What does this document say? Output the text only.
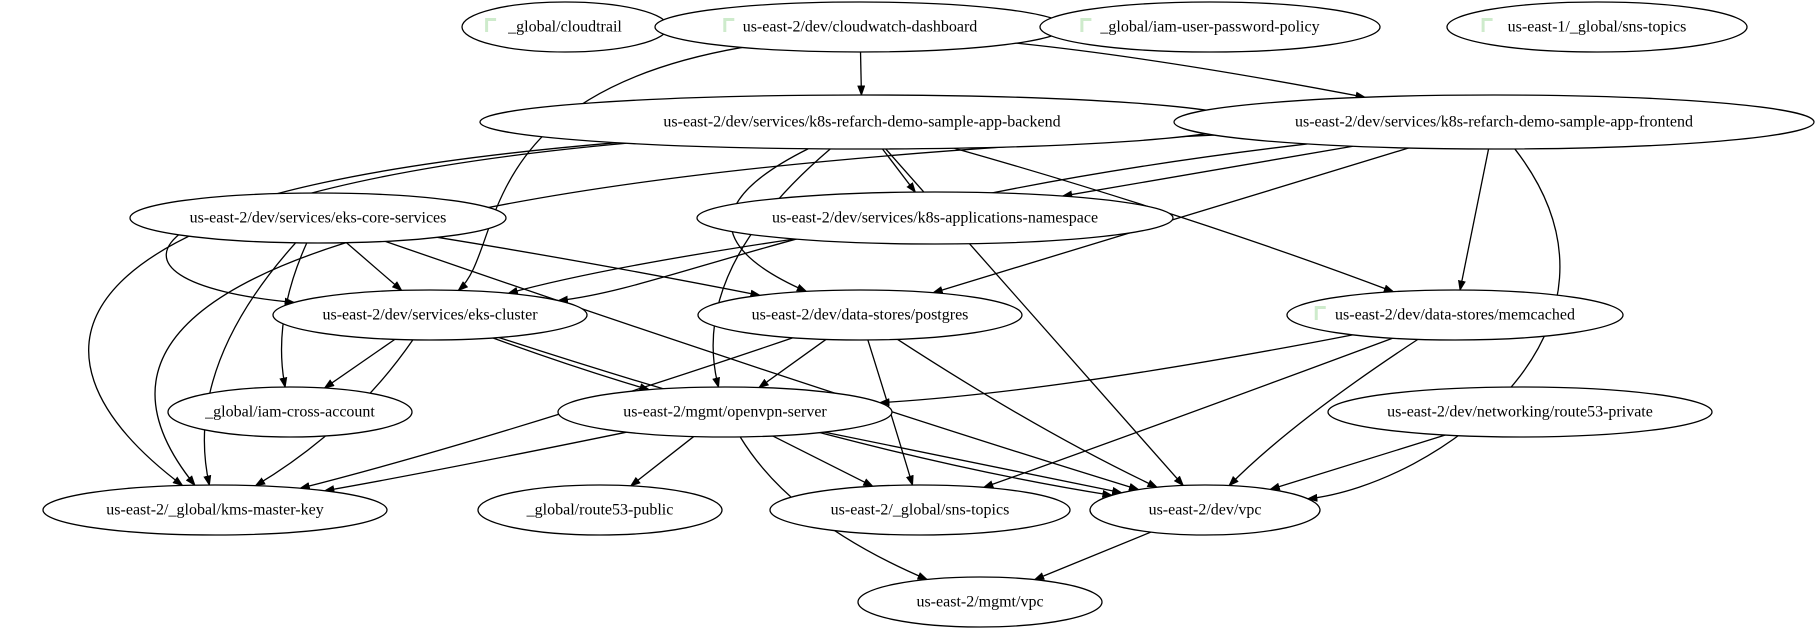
_global/cloudtrail	us-east-2/dev/cloudwatch-dashboard	_global/iam-user-password-policy	us-east-1/_global/sns-topics
us-east-2/dev/services/k8s-refarch-demo-sample-app-backend	us-east-2/dev/services/k8s-refarch-demo-sample-app-frontend
us-east-2/dev/services/eks-core-services	us-east-2/dev/services/k8s-applications-namespace
us-east-2/dev/services/eks-cluster	us-east-2/dev/data-stores/postgres	us-east-2/dev/data-stores/memcached
_global/iam-cross-account	us-east-2/mgmt/openvpn-server	us-east-2/dev/networking/route53-private
us-east-2/_global/kms-master-key	_global/route53-public	us-east-2/_global/sns-topics	us-east-2/dev/vpc
us-east-2/mgmt/vpc
